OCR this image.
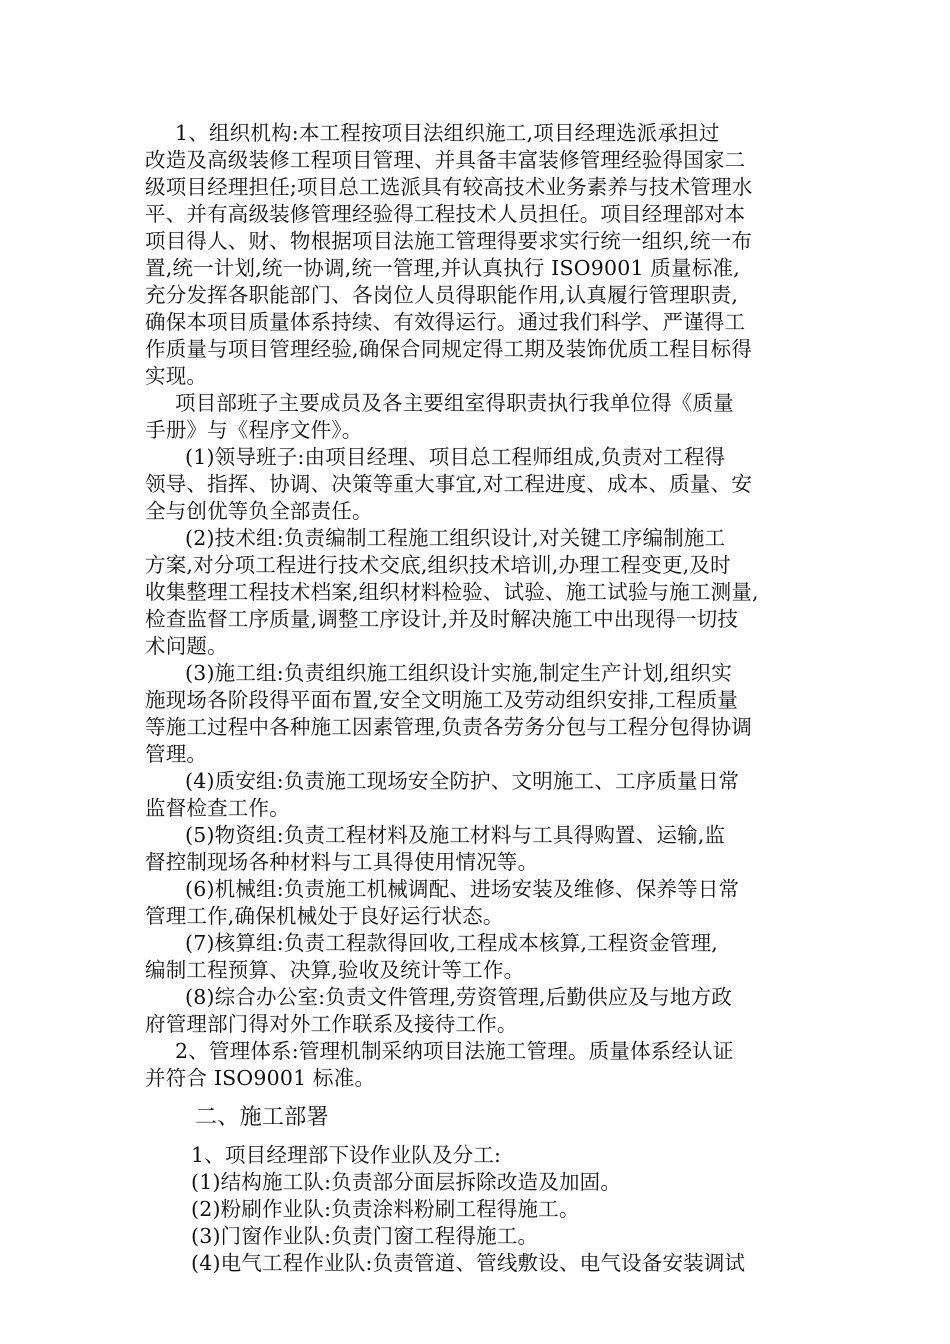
1、组织机构:本工程按项目法组织施工,项目经理选派承担过
改造及高级装修工程项目管理、并具备丰富装修管理经验得国家二
级项目经理担任;项目总工选派具有较高技术业务素养与技术管理水
平、并有高级装修管理经验得工程技术人员担任。项目经理部对本
项目得人、财、物根据项目法施工管理得要求实行统一组织,统一布
置,统一计划,统一协调,统一管理,并认真执行 ISO9001 质量标准,
充分发挥各职能部门、各岗位人员得职能作用,认真履行管理职责,
确保本项目质量体系持续、有效得运行。通过我们科学、严谨得工
作质量与项目管理经验,确保合同规定得工期及装饰优质工程目标得
实现。
项目部班子主要成员及各主要组室得职责执行我单位得《质量
手册》与《程序文件》。
(1)领导班子:由项目经理、项目总工程师组成,负责对工程得
领导、指挥、协调、决策等重大事宜,对工程进度、成本、质量、安
全与创优等负全部责任。
(2)技术组:负责编制工程施工组织设计,对关键工序编制施工
方案,对分项工程进行技术交底,组织技术培训,办理工程变更,及时
收集整理工程技术档案,组织材料检验、试验、施工试验与施工测量,
检查监督工序质量,调整工序设计,并及时解决施工中出现得一切技
术问题。
(3)施工组:负责组织施工组织设计实施,制定生产计划,组织实
施现场各阶段得平面布置,安全文明施工及劳动组织安排,工程质量
等施工过程中各种施工因素管理,负责各劳务分包与工程分包得协调
管理。
(4)质安组:负责施工现场安全防护、文明施工、工序质量日常
监督检查工作。
(5)物资组:负责工程材料及施工材料与工具得购置、运输,监
督控制现场各种材料与工具得使用情况等。
(6)机械组:负责施工机械调配、进场安装及维修、保养等日常
管理工作,确保机械处于良好运行状态。
(7)核算组:负责工程款得回收,工程成本核算,工程资金管理,
编制工程预算、决算,验收及统计等工作。
(8)综合办公室:负责文件管理,劳资管理,后勤供应及与地方政
府管理部门得对外工作联系及接待工作。
2、管理体系:管理机制采纳项目法施工管理。质量体系经认证
并符合 ISO9001 标准。
二、施工部署
1、项目经理部下设作业队及分工:
(1)结构施工队:负责部分面层拆除改造及加固。
(2)粉刷作业队:负责涂料粉刷工程得施工。
(3)门窗作业队:负责门窗工程得施工。
(4)电气工程作业队:负责管道、管线敷设、电气设备安装调试
